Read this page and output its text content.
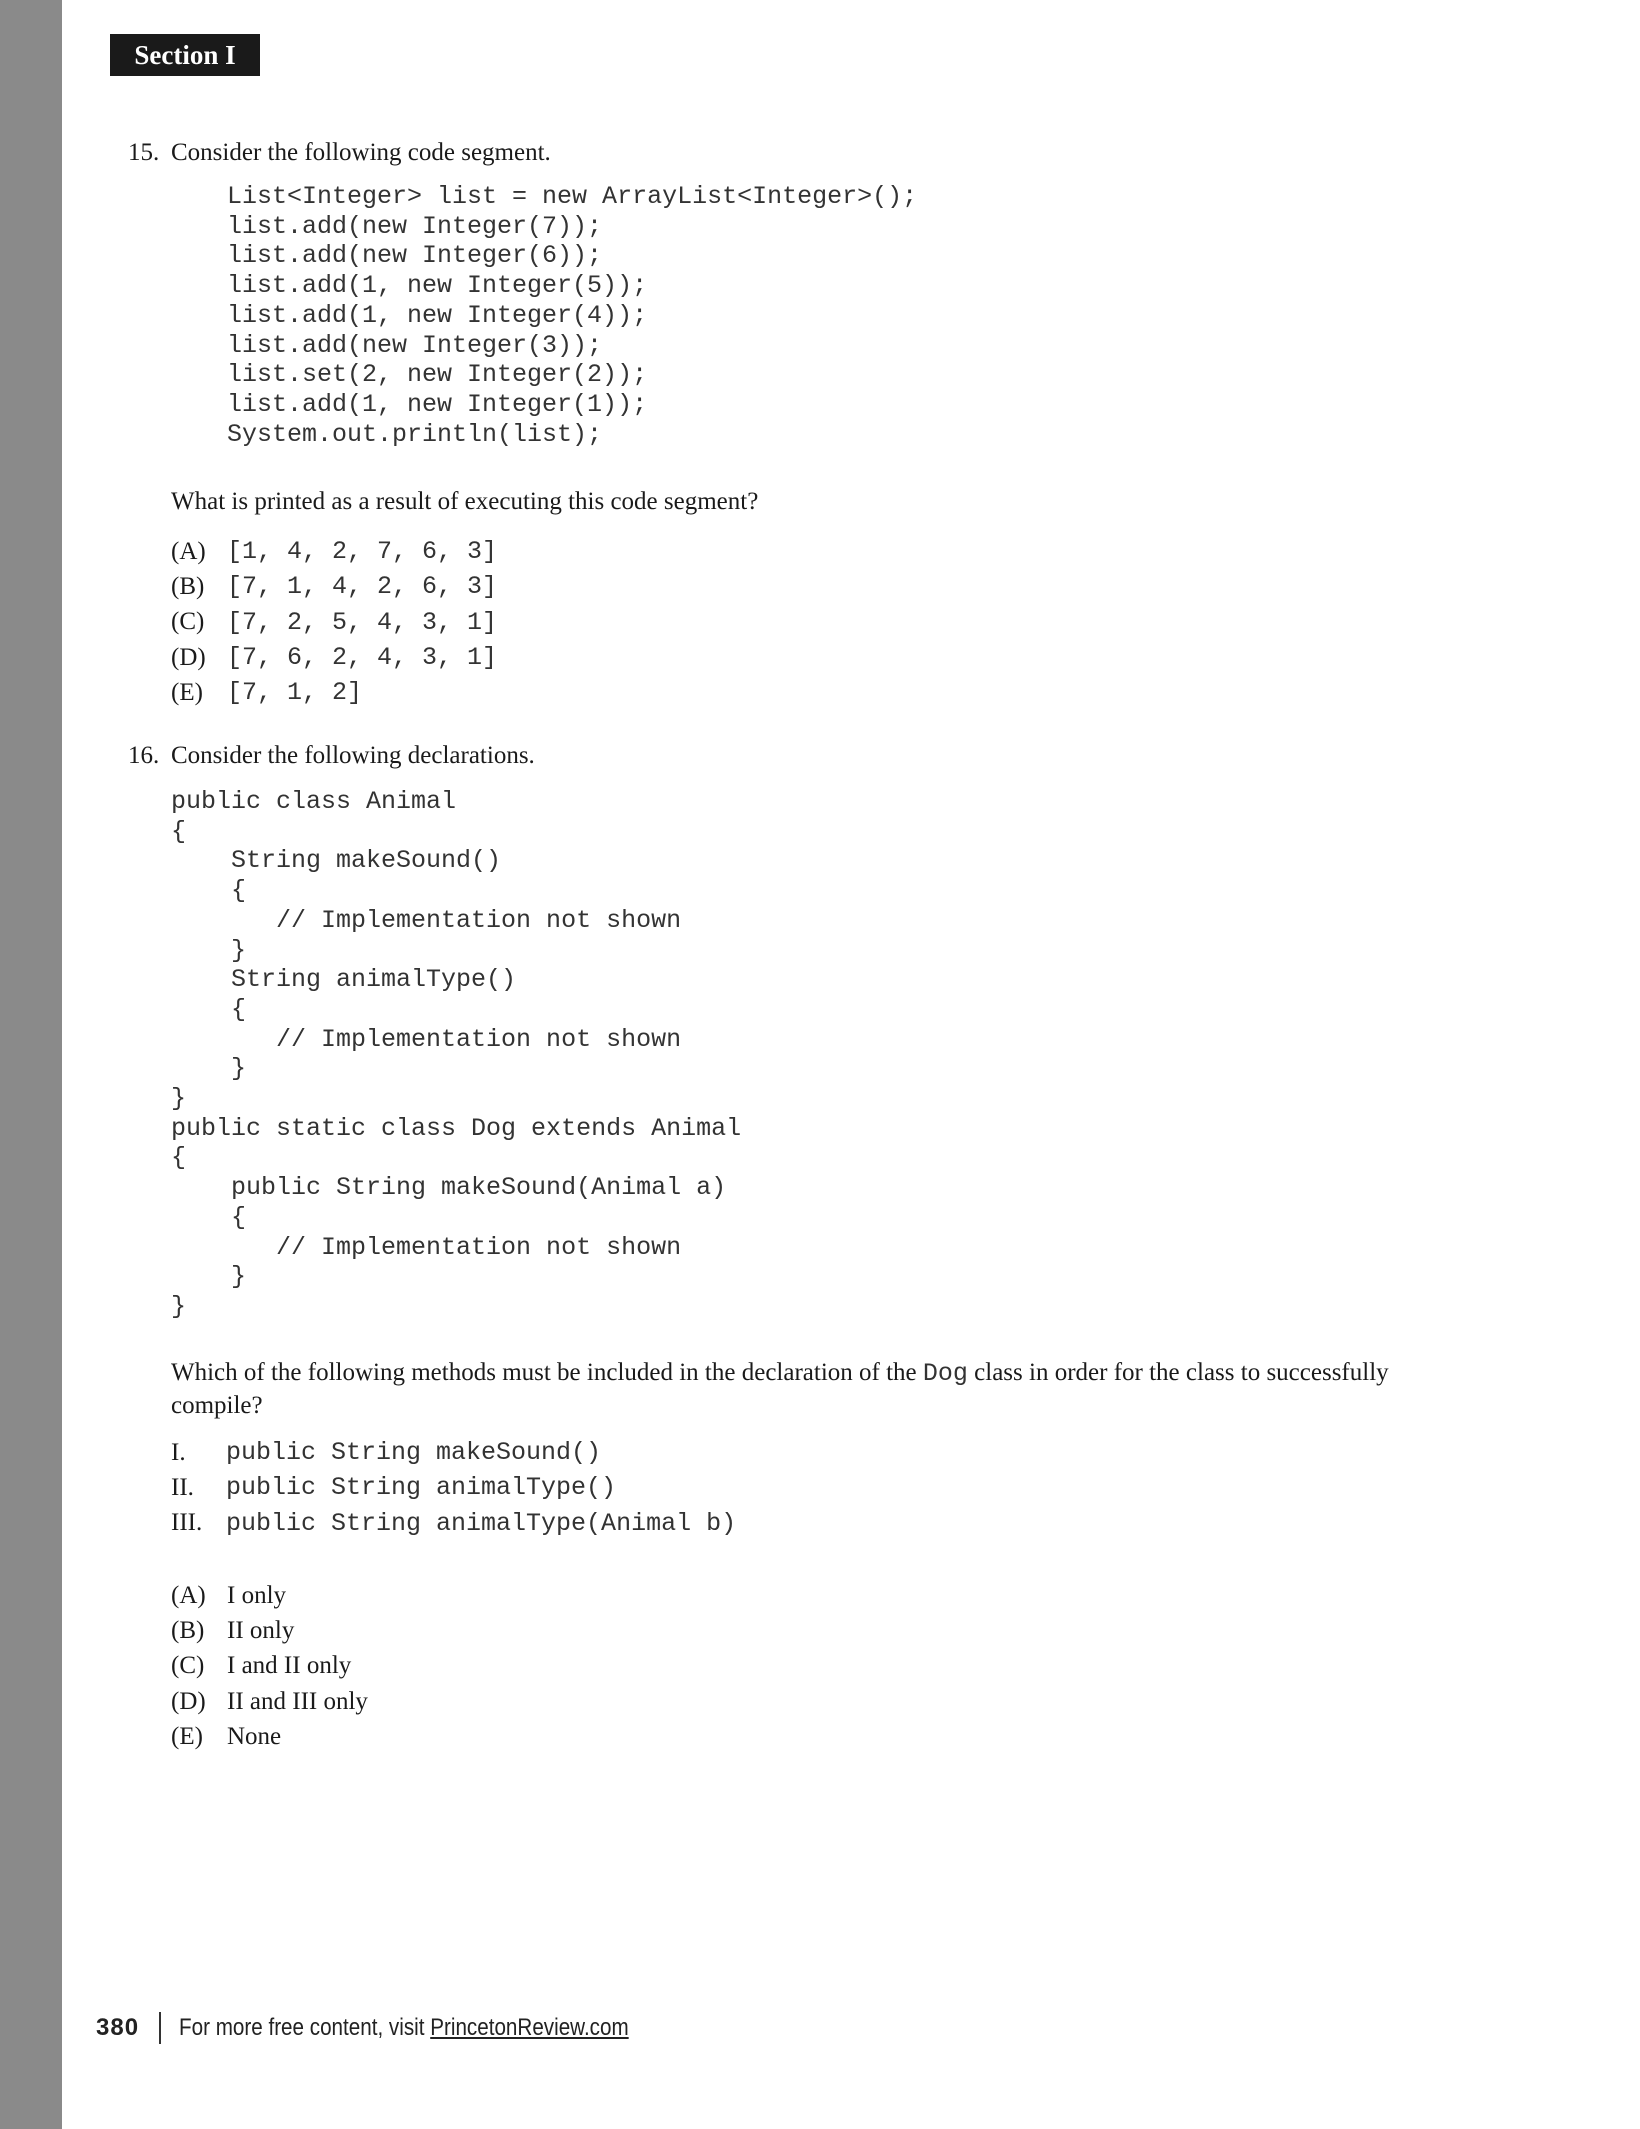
Section I
15. Consider the following code segment.
List<Integer> list = new ArrayList<Integer>();
list.add(new Integer(7));
list.add(new Integer(6));
list.add(1, new Integer(5));
list.add(1, new Integer(4));
list.add(new Integer(3));
list.set(2, new Integer(2));
list.add(1, new Integer(1));
System.out.println(list);
What is printed as a result of executing this code segment?
(A) [1, 4, 2, 7, 6, 3]
(B) [7, 1, 4, 2, 6, 3]
(C) [7, 2, 5, 4, 3, 1]
(D) [7, 6, 2, 4, 3, 1]
(E) [7, 1, 2]
16. Consider the following declarations.
public class Animal
{
String makeSound()
{
// Implementation not shown
}
String animalType()
{
// Implementation not shown
}
}
public static class Dog extends Animal
{
public String makeSound(Animal a)
{
// Implementation not shown
}
}
Which of the following methods must be included in the declaration of the Dog class in order for the class to successfully compile?
I.	public String makeSound()
II.	public String animalType()
III. public String animalType(Animal b)
(A) I only
(B) II only
(C) I and II only
(D) II and III only
(E) None
380 For more free content, visit PrincetonReview.com
